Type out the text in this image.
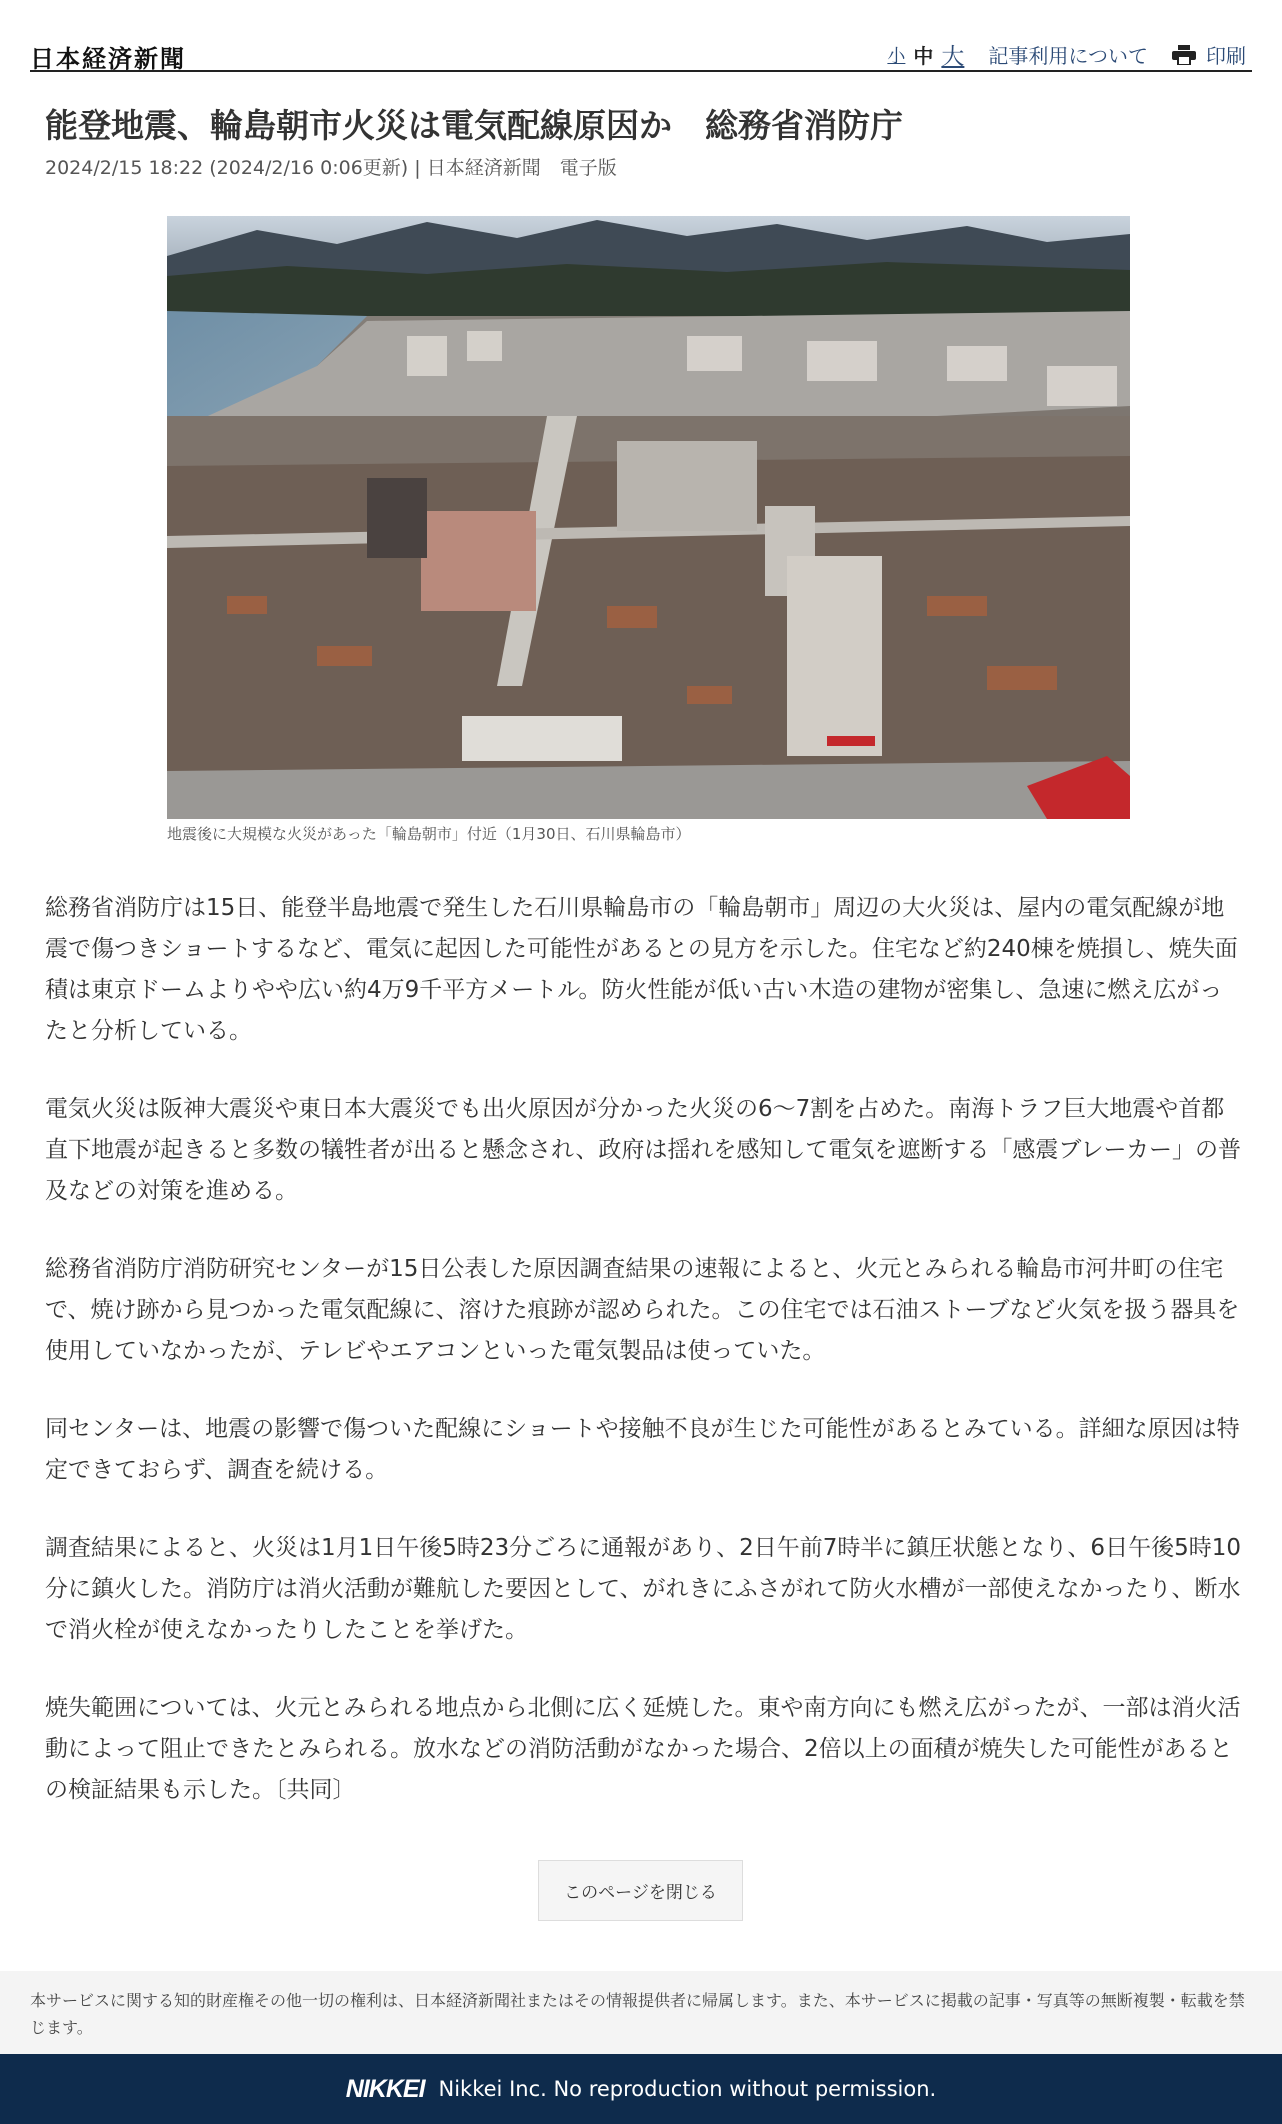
日本経済新聞	小 中 大 記事利用について	印刷
能登地震、輪島朝市火災は電気配線原因か　総務省消防庁
2024/2/15 18:22 (2024/2/16 0:06更新) | 日本経済新聞　電子版
地震後に大規模な火災があった「輪島朝市」付近（1月30日、石川県輪島市）

総務省消防庁は15日、能登半島地震で発生した石川県輪島市の「輪島朝市」周辺の大火災は、屋内の電気配線が地震で傷つきショートするなど、電気に起因した可能性があるとの見方を示した。住宅など約240棟を焼損し、焼失面積は東京ドームよりやや広い約4万9千平方メートル。防火性能が低い古い木造の建物が密集し、急速に燃え広がったと分析している。

電気火災は阪神大震災や東日本大震災でも出火原因が分かった火災の6〜7割を占めた。南海トラフ巨大地震や首都直下地震が起きると多数の犠牲者が出ると懸念され、政府は揺れを感知して電気を遮断する「感震ブレーカー」の普及などの対策を進める。

総務省消防庁消防研究センターが15日公表した原因調査結果の速報によると、火元とみられる輪島市河井町の住宅で、焼け跡から見つかった電気配線に、溶けた痕跡が認められた。この住宅では石油ストーブなど火気を扱う器具を使用していなかったが、テレビやエアコンといった電気製品は使っていた。

同センターは、地震の影響で傷ついた配線にショートや接触不良が生じた可能性があるとみている。詳細な原因は特定できておらず、調査を続ける。

調査結果によると、火災は1月1日午後5時23分ごろに通報があり、2日午前7時半に鎮圧状態となり、6日午後5時10分に鎮火した。消防庁は消火活動が難航した要因として、がれきにふさがれて防火水槽が一部使えなかったり、断水で消火栓が使えなかったりしたことを挙げた。

焼失範囲については、火元とみられる地点から北側に広く延焼した。東や南方向にも燃え広がったが、一部は消火活動によって阻止できたとみられる。放水などの消防活動がなかった場合、2倍以上の面積が焼失した可能性があるとの検証結果も示した。〔共同〕

このページを閉じる
本サービスに関する知的財産権その他一切の権利は、日本経済新聞社またはその情報提供者に帰属します。また、本サービスに掲載の記事・写真等の無断複製・転載を禁じます。
NIKKEI Nikkei Inc. No reproduction without permission.
